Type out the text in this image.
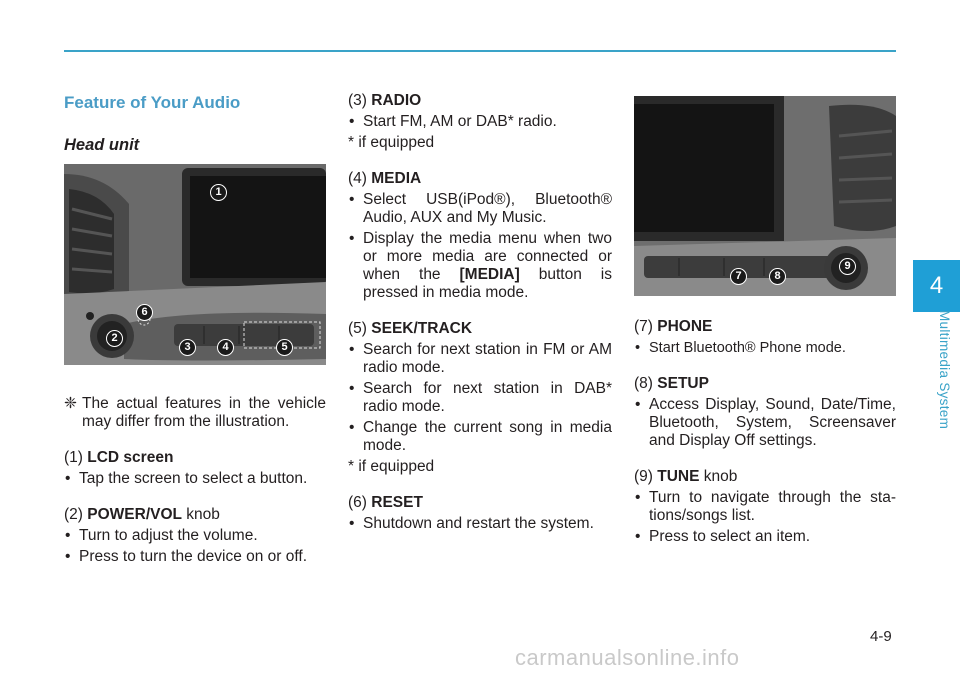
Feature of Your Audio
Head unit
1
2
3	4	5
6
❈ The actual features in the vehicle may differ from the illustration.
(1) LCD screen
• Tap the screen to select a button.
(2) POWER/VOL knob
• Turn to adjust the volume.
• Press to turn the device on or off.
(3) RADIO
• Start FM, AM or DAB* radio.
* if equipped
(4) MEDIA
• Select USB(iPod®), Bluetooth® Audio, AUX and My Music.
• Display the media menu when two or more media are connected or when the [MEDIA] button is pressed in media mode.
(5) SEEK/TRACK
• Search for next station in FM or AM radio mode.
• Search for next station in DAB* radio mode.
• Change the current song in media mode.
* if equipped
(6) RESET
• Shutdown and restart the system.
7	8
9
(7) PHONE
• Start Bluetooth® Phone mode.
(8) SETUP
• Access Display, Sound, Date/Time, Bluetooth, System, Screensaver and Display Off settings.
(9) TUNE knob
• Turn to navigate through the sta-tions/songs list.
• Press to select an item.
4
Multimedia System
4-9
carmanualsonline.info
